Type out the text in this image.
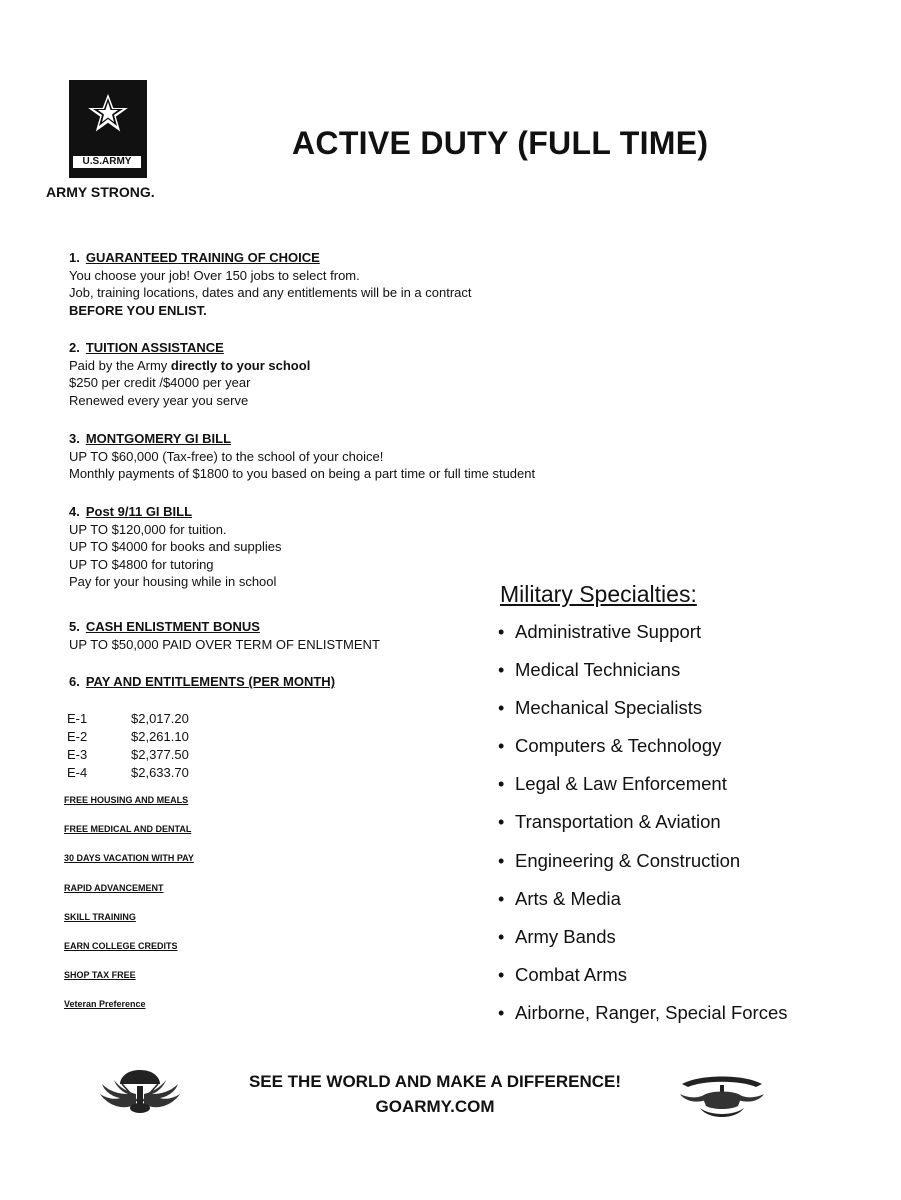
U.S.ARMY
ARMY STRONG.
ACTIVE DUTY (FULL TIME)
1. GUARANTEED TRAINING OF CHOICE
You choose your job! Over 150 jobs to select from.
Job, training locations, dates and any entitlements will be in a contract
BEFORE YOU ENLIST.
2. TUITION ASSISTANCE
Paid by the Army directly to your school
$250 per credit /$4000 per year
Renewed every year you serve
3. MONTGOMERY GI BILL
UP TO $60,000 (Tax-free) to the school of your choice!
Monthly payments of $1800 to you based on being a part time or full time student
4. Post 9/11 GI BILL
UP TO $120,000 for tuition.
UP TO $4000 for books and supplies
UP TO $4800 for tutoring
Pay for your housing while in school
5. CASH ENLISTMENT BONUS
UP TO $50,000 PAID OVER TERM OF ENLISTMENT
6. PAY AND ENTITLEMENTS (PER MONTH)
E-1	$2,017.20
E-2	$2,261.10
E-3	$2,377.50
E-4	$2,633.70
FREE HOUSING AND MEALS
FREE MEDICAL AND DENTAL
30 DAYS VACATION WITH PAY
RAPID ADVANCEMENT
SKILL TRAINING
EARN COLLEGE CREDITS
SHOP TAX FREE
Veteran Preference
Military Specialties:
• Administrative Support
• Medical Technicians
• Mechanical Specialists
• Computers & Technology
• Legal & Law Enforcement
• Transportation & Aviation
• Engineering & Construction
• Arts & Media
• Army Bands
• Combat Arms
• Airborne, Ranger, Special Forces
SEE THE WORLD AND MAKE A DIFFERENCE!
GOARMY.COM
